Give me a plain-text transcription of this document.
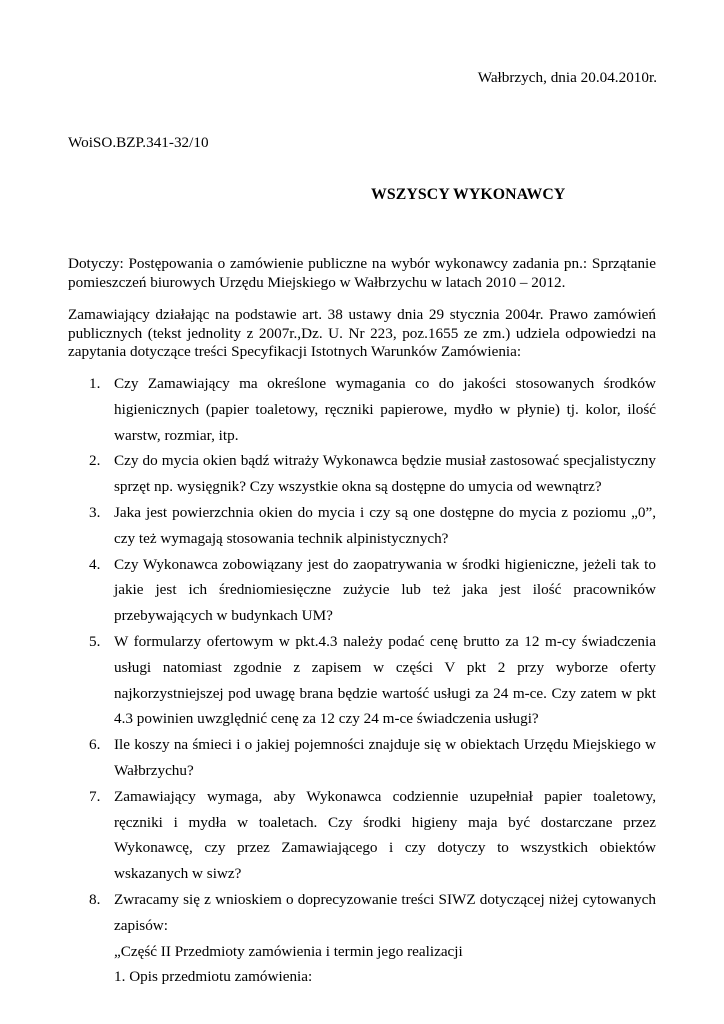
Wałbrzych, dnia 20.04.2010r.
WoiSO.BZP.341-32/10
WSZYSCY WYKONAWCY

Dotyczy: Postępowania o zamówienie publiczne na wybór wykonawcy zadania pn.: Sprzątanie pomieszczeń biurowych Urzędu Miejskiego w Wałbrzychu w latach 2010 – 2012.

Zamawiający działając na podstawie art. 38 ustawy dnia 29 stycznia 2004r. Prawo zamówień publicznych (tekst jednolity z 2007r.,Dz. U. Nr 223, poz.1655 ze zm.) udziela odpowiedzi na zapytania dotyczące treści Specyfikacji Istotnych Warunków Zamówienia:

1. Czy Zamawiający ma określone wymagania co do jakości stosowanych środków higienicznych (papier toaletowy, ręczniki papierowe, mydło w płynie) tj. kolor, ilość warstw, rozmiar, itp.
2. Czy do mycia okien bądź witraży Wykonawca będzie musiał zastosować specjalistyczny sprzęt np. wysięgnik? Czy wszystkie okna są dostępne do umycia od wewnątrz?
3. Jaka jest powierzchnia okien do mycia i czy są one dostępne do mycia z poziomu „0”, czy też wymagają stosowania technik alpinistycznych?
4. Czy Wykonawca zobowiązany jest do zaopatrywania w środki higieniczne, jeżeli tak to jakie jest ich średniomiesięczne zużycie lub też jaka jest ilość pracowników przebywających w budynkach UM?
5. W formularzy ofertowym w pkt.4.3 należy podać cenę brutto za 12 m-cy świadczenia usługi natomiast zgodnie z zapisem w części V pkt 2 przy wyborze oferty najkorzystniejszej pod uwagę brana będzie wartość usługi za 24 m-ce. Czy zatem w pkt 4.3 powinien uwzględnić cenę za 12 czy 24 m-ce świadczenia usługi?
6. Ile koszy na śmieci i o jakiej pojemności znajduje się w obiektach Urzędu Miejskiego w Wałbrzychu?
7. Zamawiający wymaga, aby Wykonawca codziennie uzupełniał papier toaletowy, ręczniki i mydła w toaletach. Czy środki higieny maja być dostarczane przez Wykonawcę, czy przez Zamawiającego i czy dotyczy to wszystkich obiektów wskazanych w siwz?
8. Zwracamy się z wnioskiem o doprecyzowanie treści SIWZ dotyczącej niżej cytowanych zapisów:
„Część II Przedmioty zamówienia i termin jego realizacji
1. Opis przedmiotu zamówienia:
